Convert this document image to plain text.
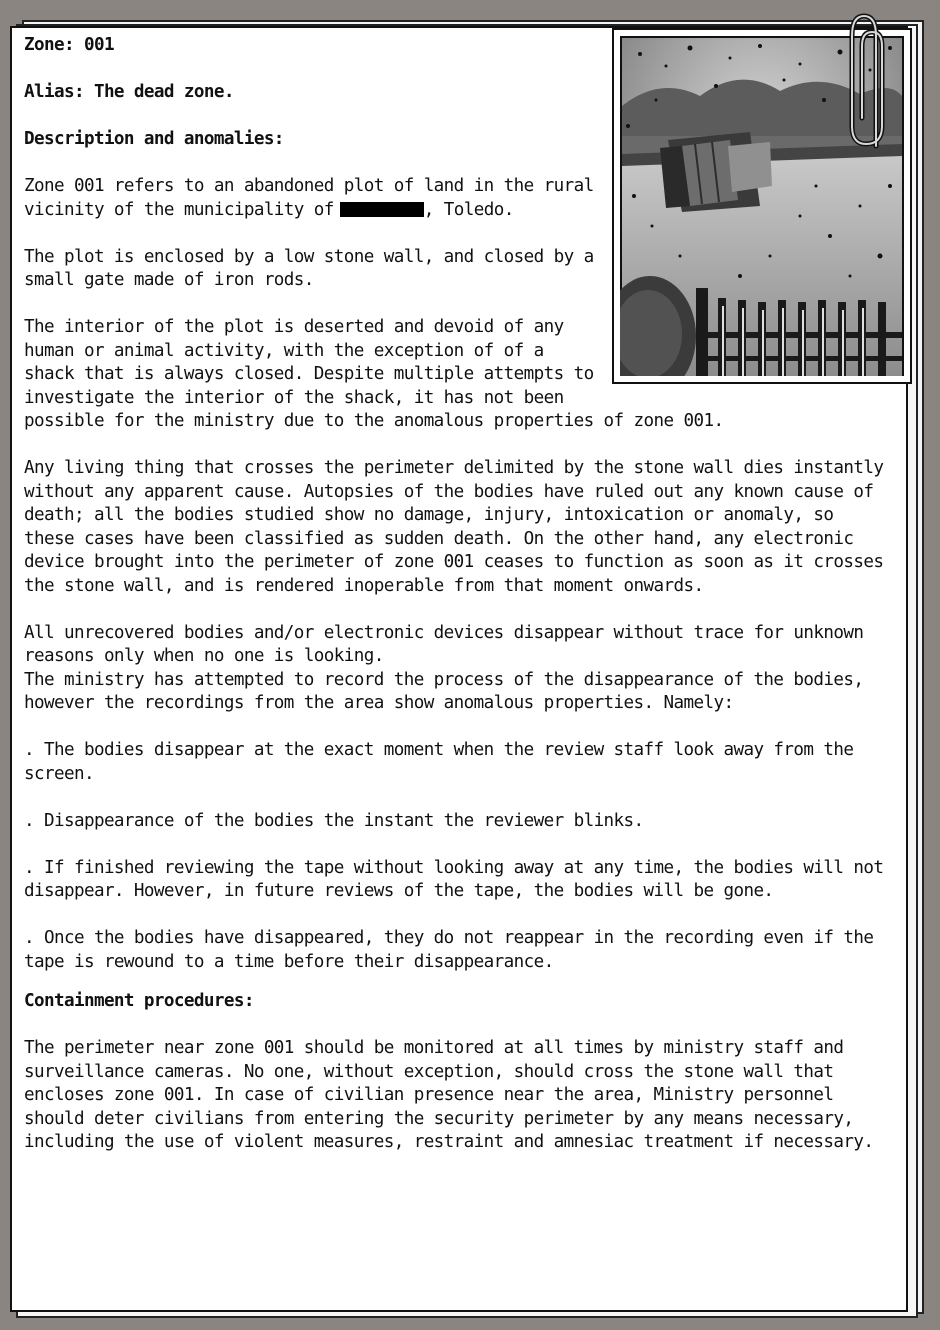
Zone: 001

Alias: The dead zone.

Description and anomalies:

Zone 001 refers to an abandoned plot of land in the rural vicinity of the municipality of	, Toledo.

The plot is enclosed by a low stone wall, and closed by a small gate made of iron rods.

The interior of the plot is deserted and devoid of any human or animal activity, with the exception of of a shack that is always closed. Despite multiple attempts to investigate the interior of the shack, it has not been possible for the ministry due to the anomalous properties of zone 001.

Any living thing that crosses the perimeter delimited by the stone wall dies instantly without any apparent cause. Autopsies of the bodies have ruled out any known cause of death; all the bodies studied show no damage, injury, intoxication or anomaly, so these cases have been classified as sudden death. On the other hand, any electronic device brought into the perimeter of zone 001 ceases to function as soon as it crosses the stone wall, and is rendered inoperable from that moment onwards.

All unrecovered bodies and/or electronic devices disappear without trace for unknown reasons only when no one is looking.
The ministry has attempted to record the process of the disappearance of the bodies, however the recordings from the area show anomalous properties. Namely:

. The bodies disappear at the exact moment when the review staff look away from the screen.

. Disappearance of the bodies the instant the reviewer blinks.

. If finished reviewing the tape without looking away at any time, the bodies will not disappear. However, in future reviews of the tape, the bodies will be gone.

. Once the bodies have disappeared, they do not reappear in the recording even if the tape is rewound to a time before their disappearance.

Containment procedures:

The perimeter near zone 001 should be monitored at all times by ministry staff and surveillance cameras. No one, without exception, should cross the stone wall that encloses zone 001. In case of civilian presence near the area, Ministry personnel should deter civilians from entering the security perimeter by any means necessary, including the use of violent measures, restraint and amnesiac treatment if necessary.
